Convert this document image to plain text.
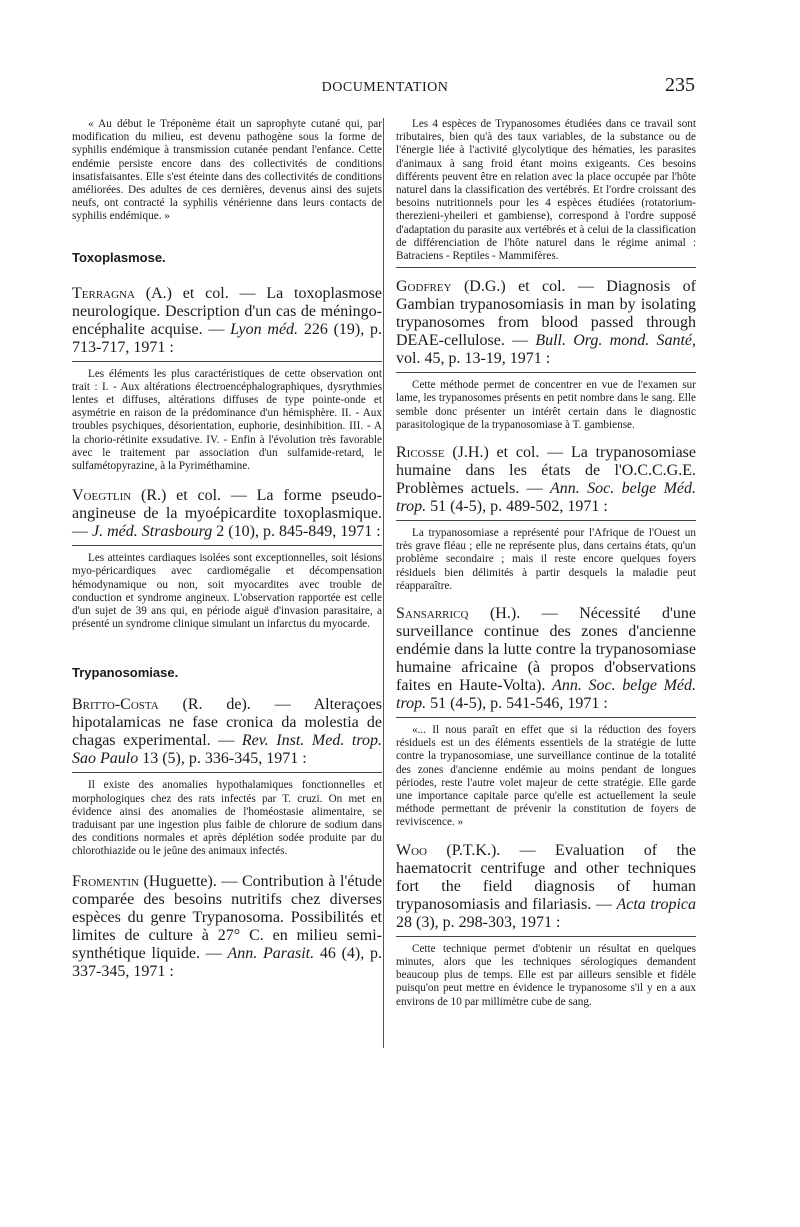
DOCUMENTATION	235

« Au début le Tréponème était un saprophyte cutané qui, par modification du milieu, est devenu pathogène sous la forme de syphilis endémique à transmission cutanée pendant l'enfance. Cette endémie persiste encore dans des collectivités de conditions insatisfaisantes. Elle s'est éteinte dans des collectivités de conditions améliorées. Des adultes de ces dernières, devenus ainsi des sujets neufs, ont contracté la syphilis vénérienne dans leurs contacts de syphilis endémique. »

Toxoplasmose.

Terragna (A.) et col. — La toxoplasmose neurologique. Description d'un cas de méningo-encéphalite acquise. — Lyon méd. 226 (19), p. 713-717, 1971 :

Les éléments les plus caractéristiques de cette observation ont trait : I. - Aux altérations électroencéphalographiques, dysrythmies lentes et diffuses, altérations diffuses de type pointe-onde et asymétrie en raison de la prédominance d'un hémisphère. II. - Aux troubles psychiques, désorientation, euphorie, desinhibition. III. - A la chorio-rétinite exsudative. IV. - Enfin à l'évolution très favorable avec le traitement par association d'un sulfamide-retard, le sulfamétopyrazine, à la Pyriméthamine.

Voegtlin (R.) et col. — La forme pseudo-angineuse de la myoépicardite toxoplasmique. — J. méd. Strasbourg 2 (10), p. 845-849, 1971 :

Les atteintes cardiaques isolées sont exceptionnelles, soit lésions myo-péricardiques avec cardiomégalie et décompensation hémodynamique ou non, soit myocardites avec trouble de conduction et syndrome angineux. L'observation rapportée est celle d'un sujet de 39 ans qui, en période aiguë d'invasion parasitaire, a présenté un syndrome clinique simulant un infarctus du myocarde.

Trypanosomiase.

Britto-Costa (R. de). — Alteraçoes hipotalamicas ne fase cronica da molestia de chagas experimental. — Rev. Inst. Med. trop. Sao Paulo 13 (5), p. 336-345, 1971 :

Il existe des anomalies hypothalamiques fonctionnelles et morphologiques chez des rats infectés par T. cruzi. On met en évidence ainsi des anomalies de l'homéostasie alimentaire, se traduisant par une ingestion plus faible de chlorure de sodium dans des conditions normales et après déplétion sodée produite par du chlorothiazide ou le jeûne des animaux infectés.

Fromentin (Huguette). — Contribution à l'étude comparée des besoins nutritifs chez diverses espèces du genre Trypanosoma. Possibilités et limites de culture à 27° C. en milieu semi-synthétique liquide. — Ann. Parasit. 46 (4), p. 337-345, 1971 :

Les 4 espèces de Trypanosomes étudiées dans ce travail sont tributaires, bien qu'à des taux variables, de la substance ou de l'énergie liée à l'activité glycolytique des hématies, les parasites d'animaux à sang froid étant moins exigeants. Ces besoins différents peuvent être en relation avec la place occupée par l'hôte naturel dans la classification des vertébrés. Et l'ordre croissant des besoins nutritionnels pour les 4 espèces étudiées (rotatorium-therezieni-yheileri et gambiense), correspond à l'ordre supposé d'adaptation du parasite aux vertébrés et à celui de la classification de différenciation de l'hôte naturel dans le régime animal : Batraciens - Reptiles - Mammifères.

Godfrey (D.G.) et col. — Diagnosis of Gambian trypanosomiasis in man by isolating trypanosomes from blood passed through DEAE-cellulose. — Bull. Org. mond. Santé, vol. 45, p. 13-19, 1971 :

Cette méthode permet de concentrer en vue de l'examen sur lame, les trypanosomes présents en petit nombre dans le sang. Elle semble donc présenter un intérêt certain dans le diagnostic parasitologique de la trypanosomiase à T. gambiense.

Ricosse (J.H.) et col. — La trypanosomiase humaine dans les états de l'O.C.C.G.E. Problèmes actuels. — Ann. Soc. belge Méd. trop. 51 (4-5), p. 489-502, 1971 :

La trypanosomiase a représenté pour l'Afrique de l'Ouest un très grave fléau ; elle ne représente plus, dans certains états, qu'un problème secondaire ; mais il reste encore quelques foyers résiduels bien délimités à partir desquels la maladie peut réapparaître.

Sansarricq (H.). — Nécessité d'une surveillance continue des zones d'ancienne endémie dans la lutte contre la trypanosomiase humaine africaine (à propos d'observations faites en Haute-Volta). Ann. Soc. belge Méd. trop. 51 (4-5), p. 541-546, 1971 :

«... Il nous paraît en effet que si la réduction des foyers résiduels est un des éléments essentiels de la stratégie de lutte contre la trypanosomiase, une surveillance continue de la totalité des zones d'ancienne endémie au moins pendant de longues périodes, reste l'autre volet majeur de cette stratégie. Elle garde une importance capitale parce qu'elle est actuellement la seule méthode permettant de prévenir la constitution de foyers de reviviscence. »

Woo (P.T.K.). — Evaluation of the haematocrit centrifuge and other techniques fort the field diagnosis of human trypanosomiasis and filariasis. — Acta tropica 28 (3), p. 298-303, 1971 :

Cette technique permet d'obtenir un résultat en quelques minutes, alors que les techniques sérologiques demandent beaucoup plus de temps. Elle est par ailleurs sensible et fidèle puisqu'on peut mettre en évidence le trypanosome s'il y en a aux environs de 10 par millimètre cube de sang.
